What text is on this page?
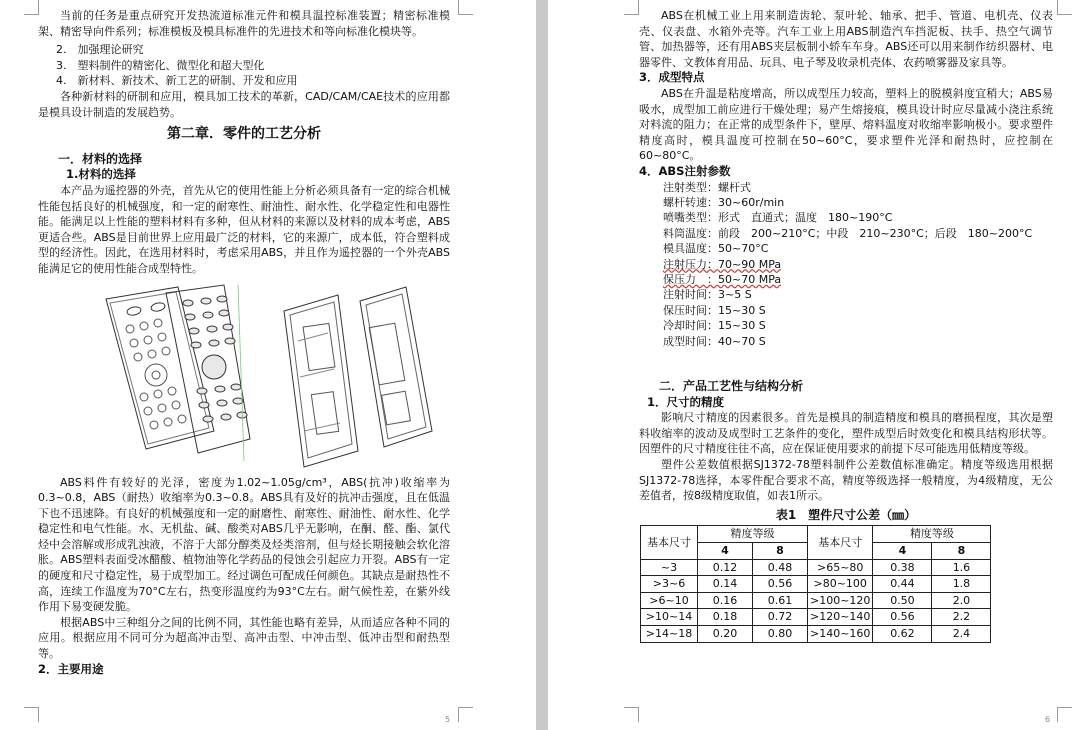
当前的任务是重点研究开发热流道标准元件和模具温控标准装置；精密标准模架、精密导向件系列；标准模板及模具标准件的先进技术和等向标准化模块等。

2.　加强理论研究
3.　塑料制件的精密化、微型化和超大型化
4.　新材料、新技术、新工艺的研制、开发和应用

各种新材料的研制和应用，模具加工技术的革新，CAD/CAM/CAE技术的应用都是模具设计制造的发展趋势。

第二章．零件的工艺分析
一．材料的选择
1.材料的选择

本产品为遥控器的外壳，首先从它的使用性能上分析必须具备有一定的综合机械性能包括良好的机械强度，和一定的耐寒性、耐油性、耐水性、化学稳定性和电器性能。能满足以上性能的塑料材料有多种，但从材料的来源以及材料的成本考虑，ABS更适合些。ABS是目前世界上应用最广泛的材料，它的来源广，成本低，符合塑料成型的经济性。因此，在选用材料时，考虑采用ABS，并且作为遥控器的一个外壳ABS能满足它的使用性能合成型特性。

ABS料件有较好的光泽，密度为1.02~1.05g/cm³，ABS(抗冲)收缩率为0.3~0.8，ABS（耐热）收缩率为0.3~0.8。ABS具有及好的抗冲击强度，且在低温下也不迅速降。有良好的机械强度和一定的耐磨性、耐寒性、耐油性、耐水性、化学稳定性和电气性能。水、无机盐、碱、酸类对ABS几乎无影响，在酮、醛、酯、氯代烃中会溶解或形成乳浊液，不溶于大部分醇类及烃类溶剂，但与烃长期接触会软化溶胀。ABS塑料表面受冰醋酸、植物油等化学药品的侵蚀会引起应力开裂。ABS有一定的硬度和尺寸稳定性，易于成型加工。经过调色可配成任何颜色。其缺点是耐热性不高，连续工作温度为70°C左右，热变形温度约为93°C左右。耐气候性差，在紫外线作用下易变硬发脆。

根据ABS中三种组分之间的比例不同，其性能也略有差异，从而适应各种不同的应用。根据应用不同可分为超高冲击型、高冲击型、中冲击型、低冲击型和耐热型等。

2．主要用途
5

ABS在机械工业上用来制造齿轮、泵叶轮、轴承、把手、管道、电机壳、仪表壳、仪表盘、水箱外壳等。汽车工业上用ABS制造汽车挡泥板、扶手、热空气调节管、加热器等，还有用ABS夹层板制小轿车车身。ABS还可以用来制作纺织器材、电器零件、文教体育用品、玩具、电子琴及收录机壳体、农药喷雾器及家具等。

3．成型特点

ABS在升温是粘度增高，所以成型压力较高，塑料上的脱模斜度宜稍大；ABS易吸水，成型加工前应进行干燥处理；易产生熔接痕，模具设计时应尽量减小浇注系统对料流的阻力；在正常的成型条件下，壁厚、熔料温度对收缩率影响极小。要求塑件精度高时，模具温度可控制在50~60°C，要求塑件光泽和耐热时，应控制在60~80°C。

4．ABS注射参数
注射类型：螺杆式
螺杆转速：30~60r/min
喷嘴类型：形式　直通式；温度　180~190°C
料筒温度：前段　200~210°C；中段　210~230°C；后段　180~200°C
模具温度：50~70°C
注射压力：70~90 MPa
保压力　：50~70 MPa
注射时间：3~5 S
保压时间：15~30 S
冷却时间：15~30 S
成型时间：40~70 S
二．产品工艺性与结构分析
1．尺寸的精度

影响尺寸精度的因素很多。首先是模具的制造精度和模具的磨损程度，其次是塑料收缩率的波动及成型时工艺条件的变化，塑件成型后时效变化和模具结构形状等。因塑件的尺寸精度往往不高，应在保证使用要求的前提下尽可能选用低精度等级。

塑件公差数值根据SJ1372-78塑料制件公差数值标准确定。精度等级选用根据SJ1372-78选择，本零件配合要求不高，精度等级选择一般精度，为4级精度，无公差值者，按8级精度取值，如表1所示。

表1　塑件尺寸公差（㎜）
基本尺寸	精度等级		基本尺寸	精度等级	
	4	8		4	8
~3	0.12	0.48	>65~80	0.38	1.6
>3~6	0.14	0.56	>80~100	0.44	1.8
>6~10	0.16	0.61	>100~120	0.50	2.0
>10~14	0.18	0.72	>120~140	0.56	2.2
>14~18	0.20	0.80	>140~160	0.62	2.4
6
